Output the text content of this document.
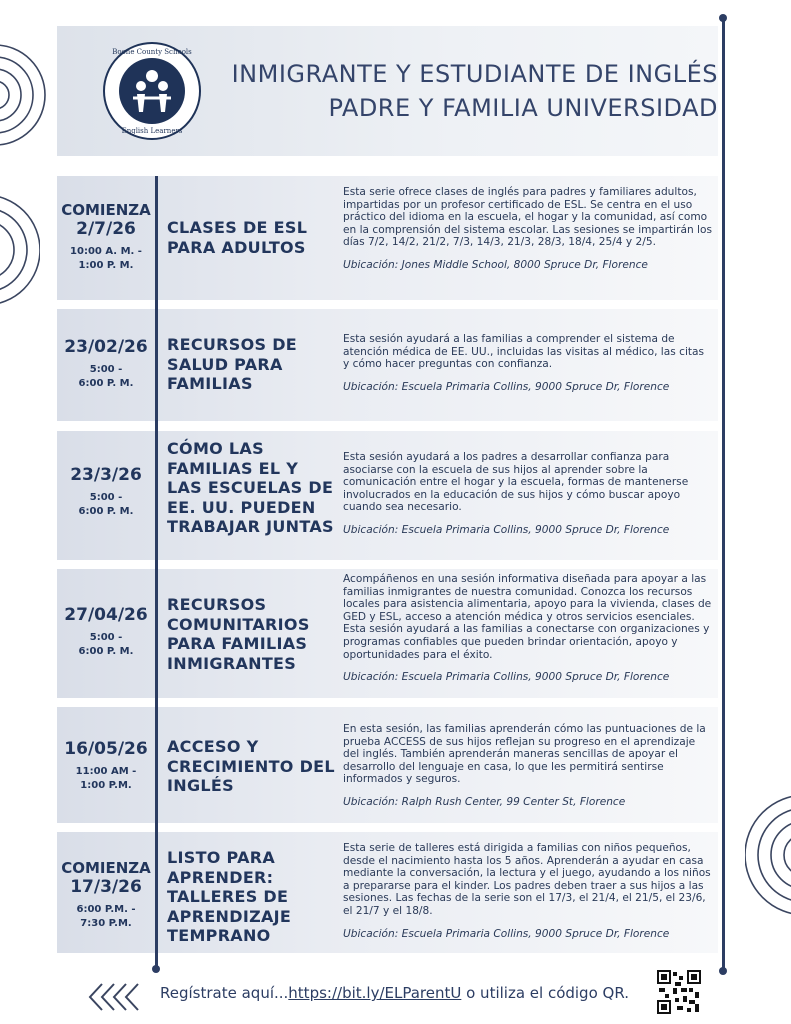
Boone County Schools
English Learners
INMIGRANTE Y ESTUDIANTE DE INGLÉS
PADRE Y FAMILIA UNIVERSIDAD
COMIENZA
2/7/26
10:00 A. M. -
1:00 P. M.
CLASES DE ESL PARA ADULTOS
Esta serie ofrece clases de inglés para padres y familiares adultos, impartidas por un profesor certificado de ESL. Se centra en el uso práctico del idioma en la escuela, el hogar y la comunidad, así como en la comprensión del sistema escolar. Las sesiones se impartirán los días 7/2, 14/2, 21/2, 7/3, 14/3, 21/3, 28/3, 18/4, 25/4 y 2/5.
Ubicación: Jones Middle School, 8000 Spruce Dr, Florence
23/02/26
5:00 -
6:00 P. M.
RECURSOS DE SALUD PARA FAMILIAS
Esta sesión ayudará a las familias a comprender el sistema de atención médica de EE. UU., incluidas las visitas al médico, las citas y cómo hacer preguntas con confianza.
Ubicación: Escuela Primaria Collins, 9000 Spruce Dr, Florence
23/3/26
5:00 -
6:00 P. M.
CÓMO LAS FAMILIAS EL Y LAS ESCUELAS DE EE. UU. PUEDEN TRABAJAR JUNTAS
Esta sesión ayudará a los padres a desarrollar confianza para asociarse con la escuela de sus hijos al aprender sobre la comunicación entre el hogar y la escuela, formas de mantenerse involucrados en la educación de sus hijos y cómo buscar apoyo cuando sea necesario.
Ubicación: Escuela Primaria Collins, 9000 Spruce Dr, Florence
27/04/26
5:00 -
6:00 P. M.
RECURSOS COMUNITARIOS PARA FAMILIAS INMIGRANTES
Acompáñenos en una sesión informativa diseñada para apoyar a las familias inmigrantes de nuestra comunidad. Conozca los recursos locales para asistencia alimentaria, apoyo para la vivienda, clases de GED y ESL, acceso a atención médica y otros servicios esenciales. Esta sesión ayudará a las familias a conectarse con organizaciones y programas confiables que pueden brindar orientación, apoyo y oportunidades para el éxito.
Ubicación: Escuela Primaria Collins, 9000 Spruce Dr, Florence
16/05/26
11:00 AM -
1:00 P.M.
ACCESO Y CRECIMIENTO DEL INGLÉS
En esta sesión, las familias aprenderán cómo las puntuaciones de la prueba ACCESS de sus hijos reflejan su progreso en el aprendizaje del inglés. También aprenderán maneras sencillas de apoyar el desarrollo del lenguaje en casa, lo que les permitirá sentirse informados y seguros.
Ubicación: Ralph Rush Center, 99 Center St, Florence
COMIENZA
17/3/26
6:00 P.M. -
7:30 P.M.
LISTO PARA APRENDER: TALLERES DE APRENDIZAJE TEMPRANO
Esta serie de talleres está dirigida a familias con niños pequeños, desde el nacimiento hasta los 5 años. Aprenderán a ayudar en casa mediante la conversación, la lectura y el juego, ayudando a los niños a prepararse para el kinder. Los padres deben traer a sus hijos a las sesiones. Las fechas de la serie son el 17/3, el 21/4, el 21/5, el 23/6, el 21/7 y el 18/8.
Ubicación: Escuela Primaria Collins, 9000 Spruce Dr, Florence
Regístrate aquí...https://bit.ly/ELParentU o utiliza el código QR.
